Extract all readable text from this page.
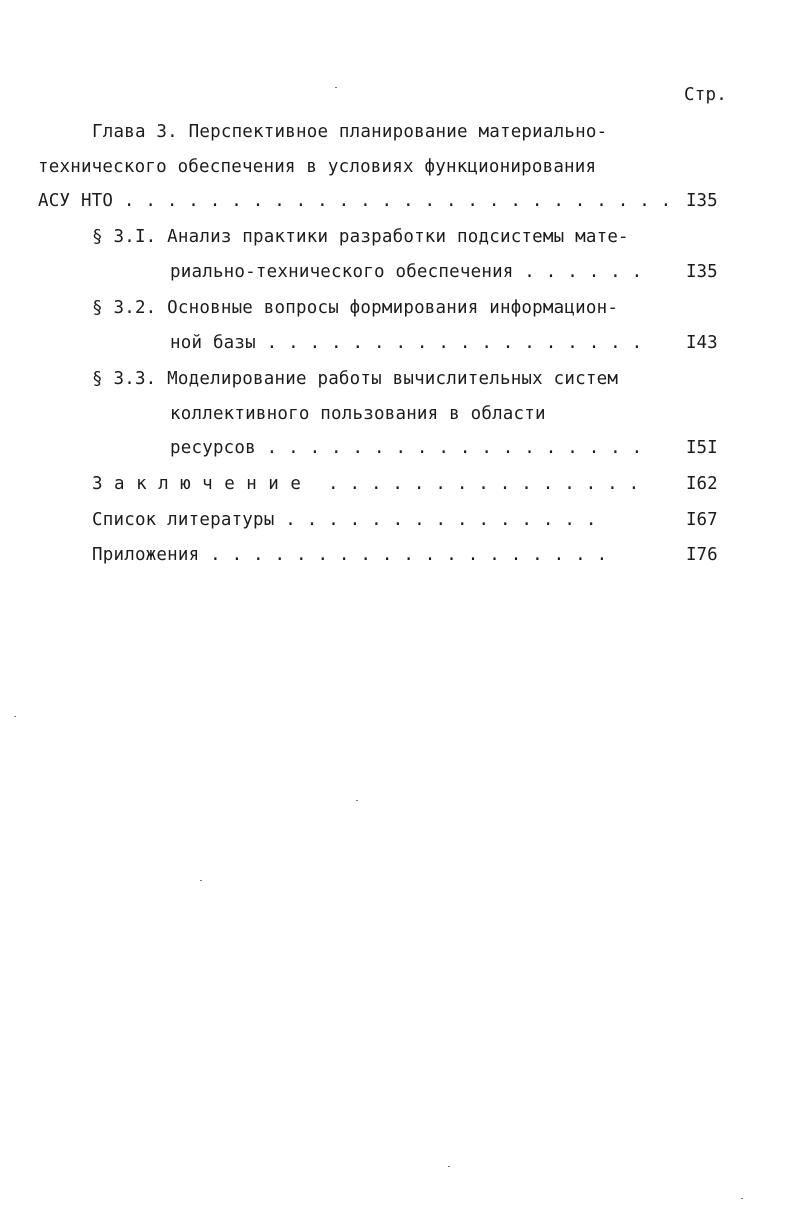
Стр.
Глава 3. Перспективное планирование материально-
технического обеспечения в условиях функционирования
АСУ НТО . . . . . . . . . . . . . . . . . . . . . . . . . . I35
§ 3.I. Анализ практики разработки подсистемы мате-
риально-технического обеспечения . . . . . . I35
§ 3.2. Основные вопросы формирования информацион-
ной базы . . . . . . . . . . . . . . . . . . I43
§ 3.3. Моделирование работы вычислительных систем
коллективного пользования в области
ресурсов . . . . . . . . . . . . . . . . . . I5I
Заключение . . . . . . . . . . . . . . .	I62
Список литературы . . . . . . . . . . . . . . .	I67
Приложения . . . . . . . . . . . . . . . . . . .	I76
